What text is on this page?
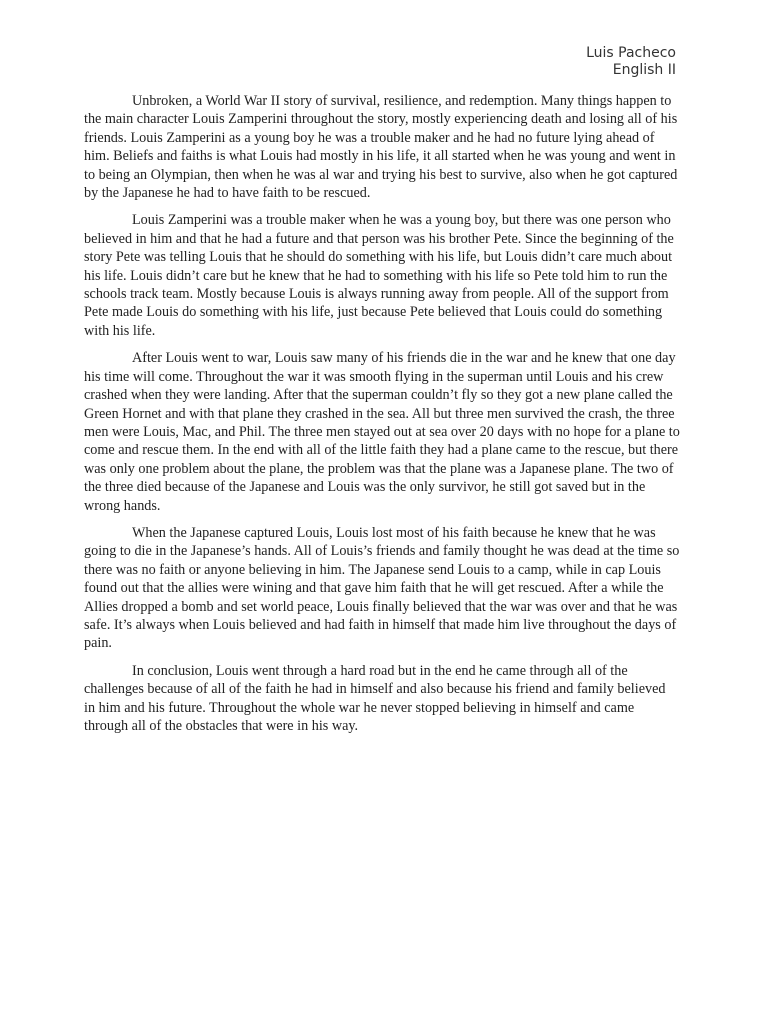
Luis Pacheco
English II

Unbroken, a World War II story of survival, resilience, and redemption. Many things happen to the main character Louis Zamperini throughout the story, mostly experiencing death and losing all of his friends. Louis Zamperini as a young boy he was a trouble maker and he had no future lying ahead of him. Beliefs and faiths is what Louis had mostly in his life, it all started when he was young and went in to being an Olympian, then when he was al war and trying his best to survive, also when he got captured by the Japanese he had to have faith to be rescued.

Louis Zamperini was a trouble maker when he was a young boy, but there was one person who believed in him and that he had a future and that person was his brother Pete. Since the beginning of the story Pete was telling Louis that he should do something with his life, but Louis didn’t care much about his life. Louis didn’t care but he knew that he had to something with his life so Pete told him to run the schools track team. Mostly because Louis is always running away from people. All of the support from Pete made Louis do something with his life, just because Pete believed that Louis could do something with his life.

After Louis went to war, Louis saw many of his friends die in the war and he knew that one day his time will come. Throughout the war it was smooth flying in the superman until Louis and his crew crashed when they were landing. After that the superman couldn’t fly so they got a new plane called the Green Hornet and with that plane they crashed in the sea. All but three men survived the crash, the three men were Louis, Mac, and Phil. The three men stayed out at sea over 20 days with no hope for a plane to come and rescue them. In the end with all of the little faith they had a plane came to the rescue, but there was only one problem about the plane, the problem was that the plane was a Japanese plane. The two of the three died because of the Japanese and Louis was the only survivor, he still got saved but in the wrong hands.

When the Japanese captured Louis, Louis lost most of his faith because he knew that he was going to die in the Japanese’s hands. All of Louis’s friends and family thought he was dead at the time so there was no faith or anyone believing in him. The Japanese send Louis to a camp, while in cap Louis found out that the allies were wining and that gave him faith that he will get rescued. After a while the Allies dropped a bomb and set world peace, Louis finally believed that the war was over and that he was safe. It’s always when Louis believed and had faith in himself that made him live throughout the days of pain.

In conclusion, Louis went through a hard road but in the end he came through all of the challenges because of all of the faith he had in himself and also because his friend and family believed in him and his future. Throughout the whole war he never stopped believing in himself and came through all of the obstacles that were in his way.
